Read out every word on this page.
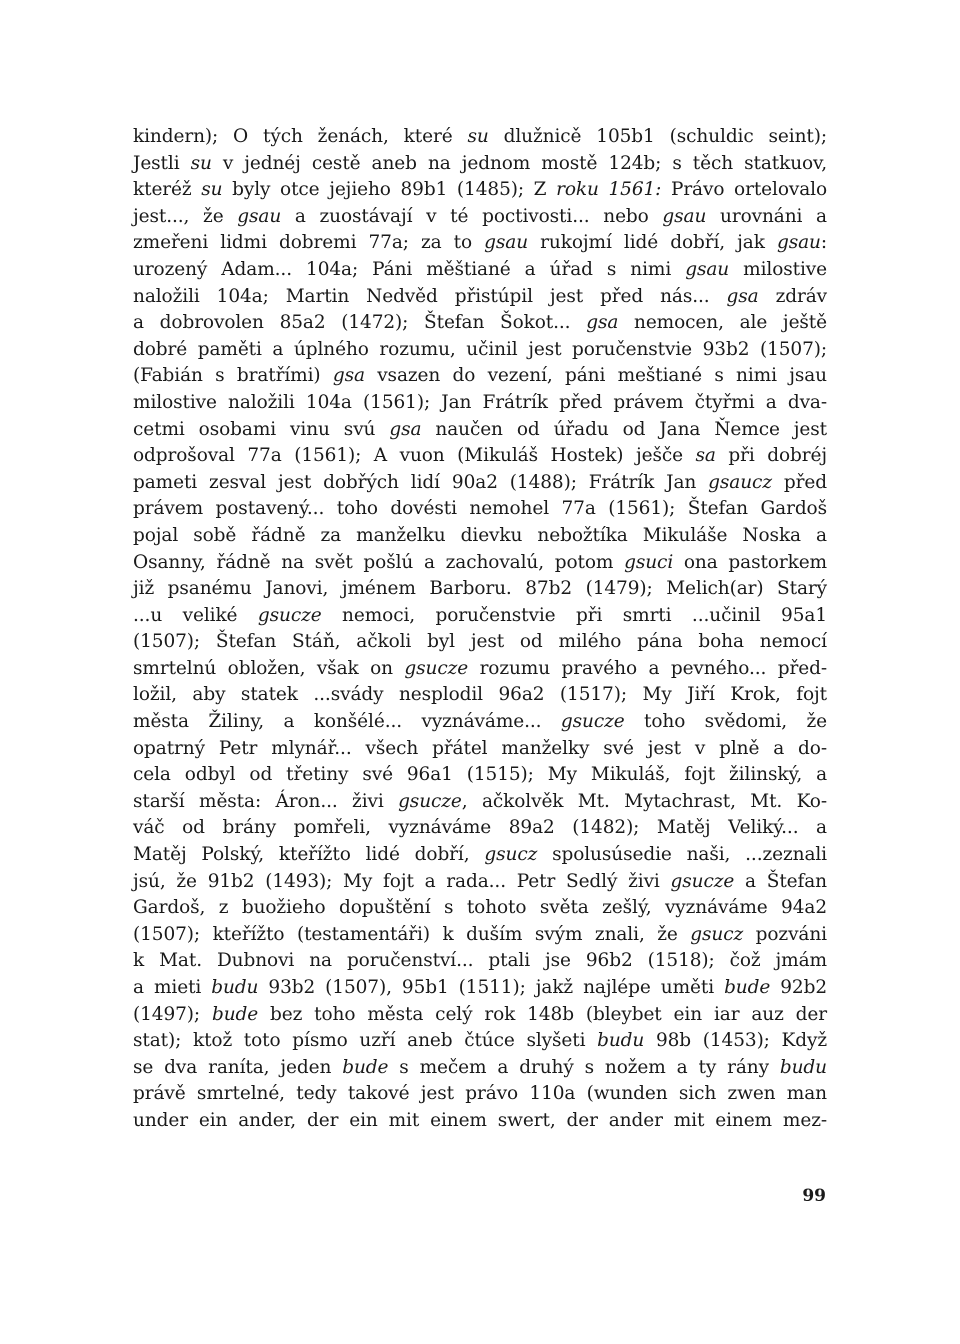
kindern); O tých ženách, které su dlužnicě 105b1 (schuldic seint);
Jestli su v jednéj cestě aneb na jednom mostě 124b; s těch statkuov,
kteréž su byly otce jejieho 89b1 (1485); Z roku 1561: Právo ortelovalo
jest..., že gsau a zuostávají v té poctivosti... nebo gsau urovnáni a
zmeřeni lidmi dobremi 77a; za to gsau rukojmí lidé dobří, jak gsau:
urozený Adam... 104a; Páni měštiané a úřad s nimi gsau milostive
naložili 104a; Martin Nedvěd přistúpil jest před nás... gsa zdráv
a dobrovolen 85a2 (1472); Štefan Šokot... gsa nemocen, ale ještě
dobré paměti a úplného rozumu, učinil jest poručenstvie 93b2 (1507);
(Fabián s bratřími) gsa vsazen do vezení, páni meštiané s nimi jsau
milostive naložili 104a (1561); Jan Frátrík před právem čtyřmi a dva-
cetmi osobami vinu svú gsa naučen od úřadu od Jana Ňemce jest
odprošoval 77a (1561); A vuon (Mikuláš Hostek) ješče sa při dobréj
pameti zesval jest dobřých lidí 90a2 (1488); Frátrík Jan gsaucz před
právem postavený... toho dovésti nemohel 77a (1561); Štefan Gardoš
pojal sobě řádně za manželku dievku nebožtíka Mikuláše Noska a
Osanny, řádně na svět pošlú a zachovalú, potom gsuci ona pastorkem
již psanému Janovi, jménem Barboru. 87b2 (1479); Melich(ar) Starý
...u veliké gsucze nemoci, poručenstvie při smrti ...učinil 95a1
(1507); Štefan Stáň, ačkoli byl jest od milého pána boha nemocí
smrtelnú obložen, však on gsucze rozumu pravého a pevného... před-
ložil, aby statek ...svády nesplodil 96a2 (1517); My Jiří Krok, fojt
města Žiliny, a konšélé... vyznáváme... gsucze toho svědomi, že
opatrný Petr mlynář... všech přátel manželky své jest v plně a do-
cela odbyl od třetiny své 96a1 (1515); My Mikuláš, fojt žilinský, a
starší města: Áron... živi gsucze, ačkolvěk Mt. Mytachrast, Mt. Ko-
váč od brány pomřeli, vyznáváme 89a2 (1482); Matěj Veliký... a
Matěj Polský, kteřížto lidé dobří, gsucz spolusúsedie naši, ...zeznali
jsú, že 91b2 (1493); My fojt a rada... Petr Sedlý živi gsucze a Štefan
Gardoš, z buožieho dopuštění s tohoto světa zešlý, vyznáváme 94a2
(1507); kteřížto (testamentáři) k duším svým znali, že gsucz pozváni
k Mat. Dubnovi na poručenství... ptali jse 96b2 (1518); čož jmám
a mieti budu 93b2 (1507), 95b1 (1511); jakž najlépe uměti bude 92b2
(1497); bude bez toho města celý rok 148b (bleybet ein iar auz der
stat); ktož toto písmo uzří aneb čtúce slyšeti budu 98b (1453); Když
se dva raníta, jeden bude s mečem a druhý s nožem a ty rány budu
právě smrtelné, tedy takové jest právo 110a (wunden sich zwen man
under ein ander, der ein mit einem swert, der ander mit einem mez-
99
